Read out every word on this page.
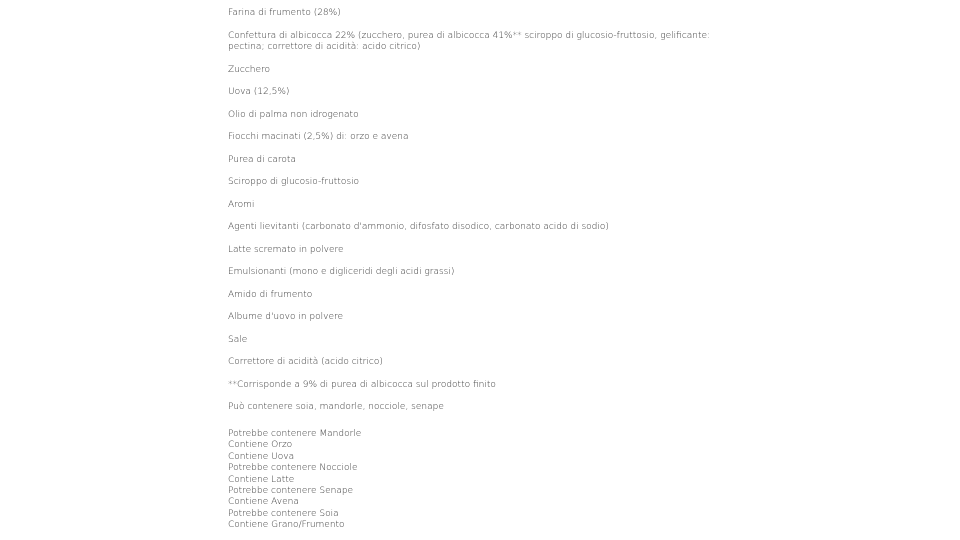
Farina di frumento (28%)

Confettura di albicocca 22% (zucchero, purea di albicocca 41%** sciroppo di glucosio-fruttosio, gelificante: pectina; correttore di acidità: acido citrico)

Zucchero

Uova (12,5%)

Olio di palma non idrogenato

Fiocchi macinati (2,5%) di: orzo e avena

Purea di carota

Sciroppo di glucosio-fruttosio

Aromi

Agenti lievitanti (carbonato d'ammonio, difosfato disodico, carbonato acido di sodio)

Latte scremato in polvere

Emulsionanti (mono e digliceridi degli acidi grassi)

Amido di frumento

Albume d'uovo in polvere

Sale

Correttore di acidità (acido citrico)

**Corrisponde a 9% di purea di albicocca sul prodotto finito

Può contenere soia, mandorle, nocciole, senape

Potrebbe contenere Mandorle
Contiene Orzo
Contiene Uova
Potrebbe contenere Nocciole
Contiene Latte
Potrebbe contenere Senape
Contiene Avena
Potrebbe contenere Soia
Contiene Grano/Frumento
